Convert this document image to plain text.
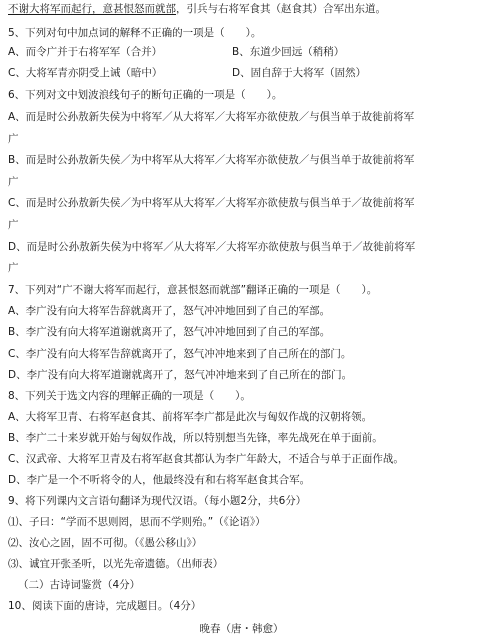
不谢大将军而起行，意甚恨怒而就部，引兵与右将军食其（赵食其）合军出东道。
5、下列对句中加点词的解释不正确的一项是（　　）。
A、而令广并于右将军军（合并）	B、东道少回远（稍稍）
C、大将军青亦阴受上诫（暗中）	D、固自辞于大将军（固然）
6、下列对文中划波浪线句子的断句正确的一项是（　　）。
A、而是时公孙敖新失侯为中将军／从大将军／大将军亦欲使敖／与俱当单于故徙前将军
广
B、而是时公孙敖新失侯／为中将军从大将军／大将军亦欲使敖／与俱当单于故徙前将军
广
C、而是时公孙敖新失侯／为中将军从大将军／大将军亦欲使敖与俱当单于／故徙前将军
广
D、而是时公孙敖新失侯为中将军／从大将军／大将军亦欲使敖与俱当单于／故徙前将军
广
7、下列对“广不谢大将军而起行，意甚恨怒而就部”翻译正确的一项是（　　）。
A、李广没有向大将军告辞就离开了，怒气冲冲地回到了自己的军部。
B、李广没有向大将军道谢就离开了，怒气冲冲地回到了自己的军部。
C、李广没有向大将军告辞就离开了，怒气冲冲地来到了自己所在的部门。
D、李广没有向大将军道谢就离开了，怒气冲冲地来到了自己所在的部门。
8、下列关于选文内容的理解正确的一项是（　　）。
A、大将军卫青、右将军赵食其、前将军李广都是此次与匈奴作战的汉朝将领。
B、李广二十来岁就开始与匈奴作战，所以特别想当先锋，率先战死在单于面前。
C、汉武帝、大将军卫青及右将军赵食其都认为李广年龄大，不适合与单于正面作战。
D、李广是一个不听将令的人，他最终没有和右将军赵食其合军。
9、将下列课内文言语句翻译为现代汉语。（每小题2分，共6分）
⑴、子曰：“学而不思则罔，思而不学则殆。”（《论语》）
⑵、汝心之固，固不可彻。（《愚公移山》）
⑶、诚宜开张圣听，以光先帝遗德。（出师表）
（二）古诗词鉴赏（4分）
10、阅读下面的唐诗，完成题目。（4分）
晚春（唐・韩愈）
